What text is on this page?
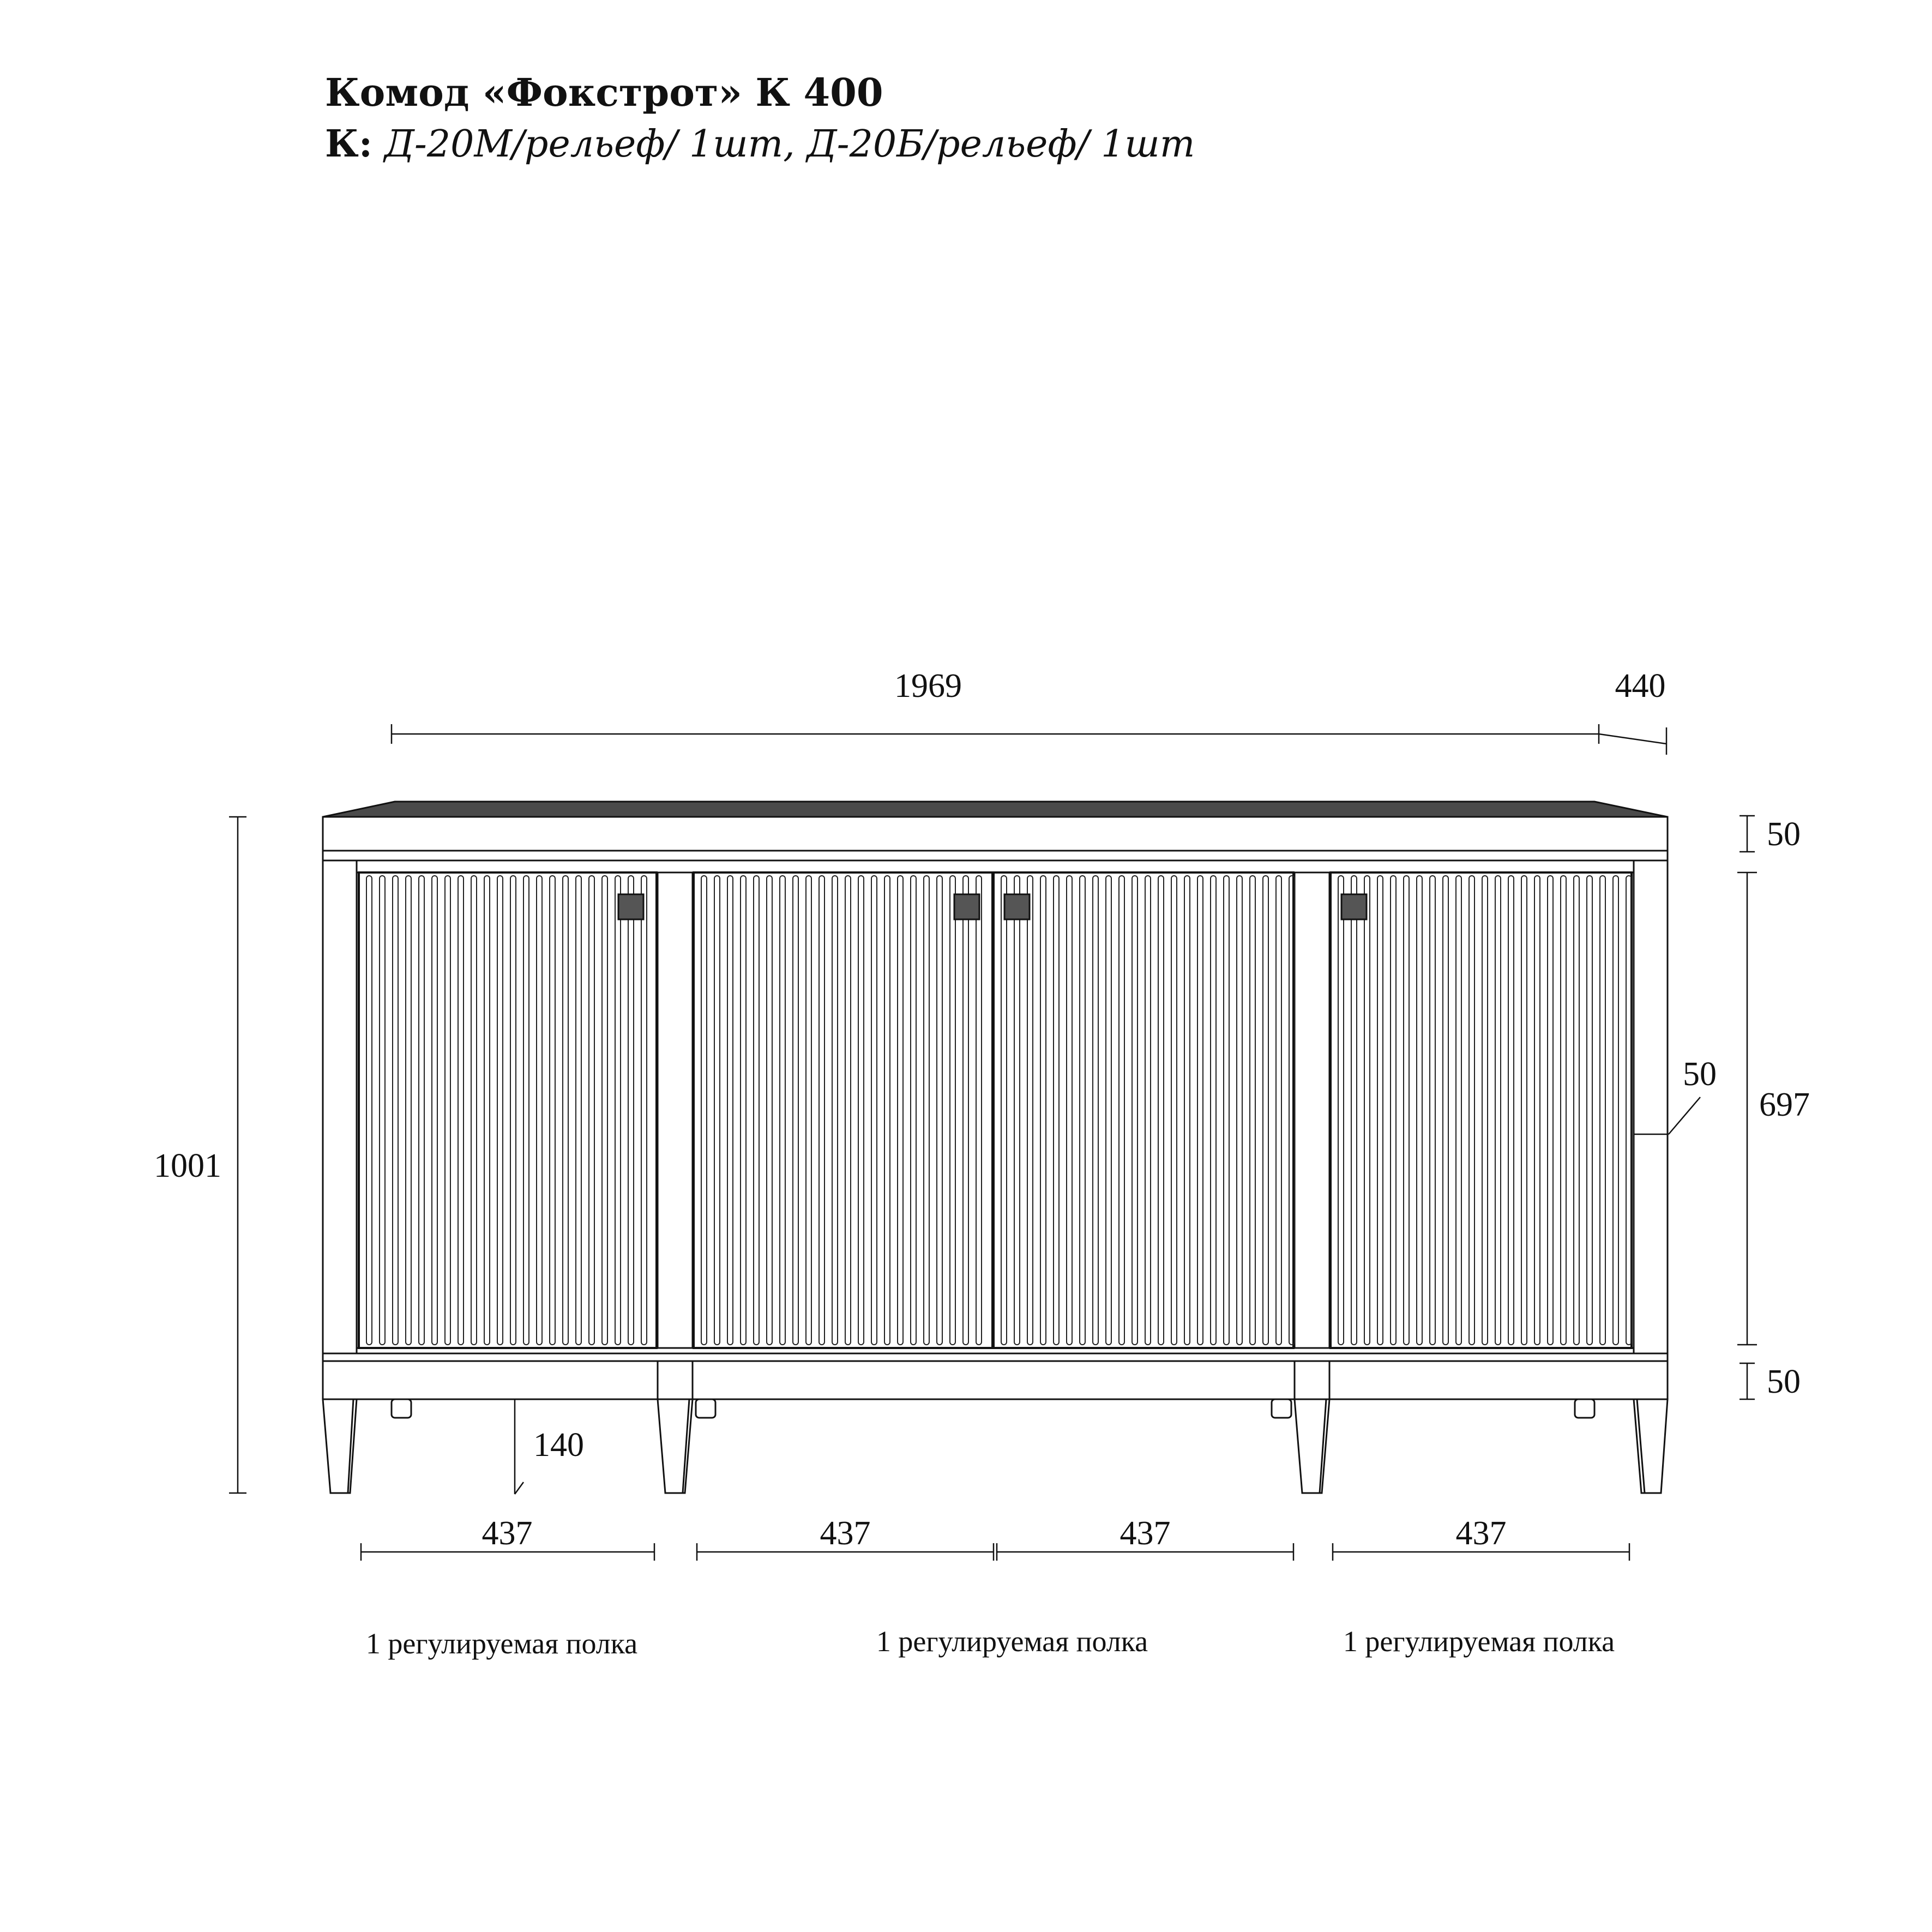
Комод «Фокстрот» К 400
К: Д-20М/рельеф/ 1шт, Д-20Б/рельеф/ 1шт
1969	440
1001
50
697
50
50
140
437	437	437	437
1 регулируемая полка	1 регулируемая полка	1 регулируемая полка
